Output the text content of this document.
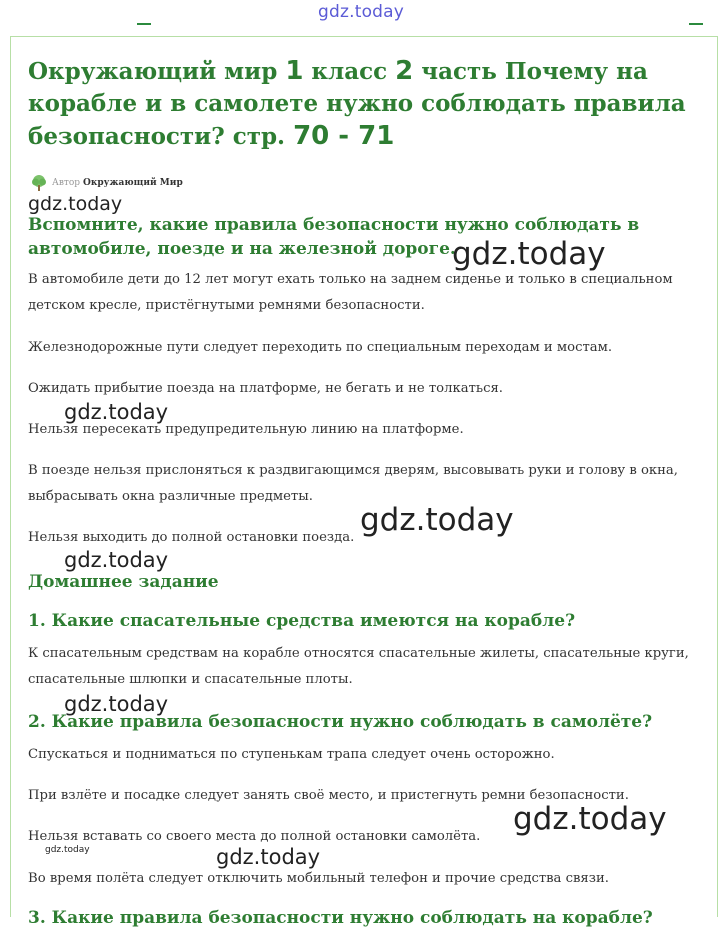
gdz.today
Окружающий мир 1 класс 2 часть Почему на корабле и в самолете нужно соблюдать правила безопасности? стр. 70 - 71
Автор Окружающий Мир
Вспомните, какие правила безопасности нужно соблюдать в автомобиле, поезде и на железной дороге.

В автомобиле дети до 12 лет могут ехать только на заднем сиденье и только в специальном детском кресле, пристёгнутыми ремнями безопасности.

Железнодорожные пути следует переходить по специальным переходам и мостам.

Ожидать прибытие поезда на платформе, не бегать и не толкаться.

Нельзя пересекать предупредительную линию на платформе.

В поезде нельзя прислоняться к раздвигающимся дверям, высовывать руки и голову в окна, выбрасывать окна различные предметы.

Нельзя выходить до полной остановки поезда.

Домашнее задание
1. Какие спасательные средства имеются на корабле?

К спасательным средствам на корабле относятся спасательные жилеты, спасательные круги, спасательные шлюпки и спасательные плоты.

2. Какие правила безопасности нужно соблюдать в самолёте?

Спускаться и подниматься по ступенькам трапа следует очень осторожно.

При взлёте и посадке следует занять своё место, и пристегнуть ремни безопасности.

Нельзя вставать со своего места до полной остановки самолёта.

Во время полёта следует отключить мобильный телефон и прочие средства связи.

3. Какие правила безопасности нужно соблюдать на корабле?
gdz.today
gdz.today
gdz.today
gdz.today
gdz.today
gdz.today
gdz.today
gdz.today	gdz.today
